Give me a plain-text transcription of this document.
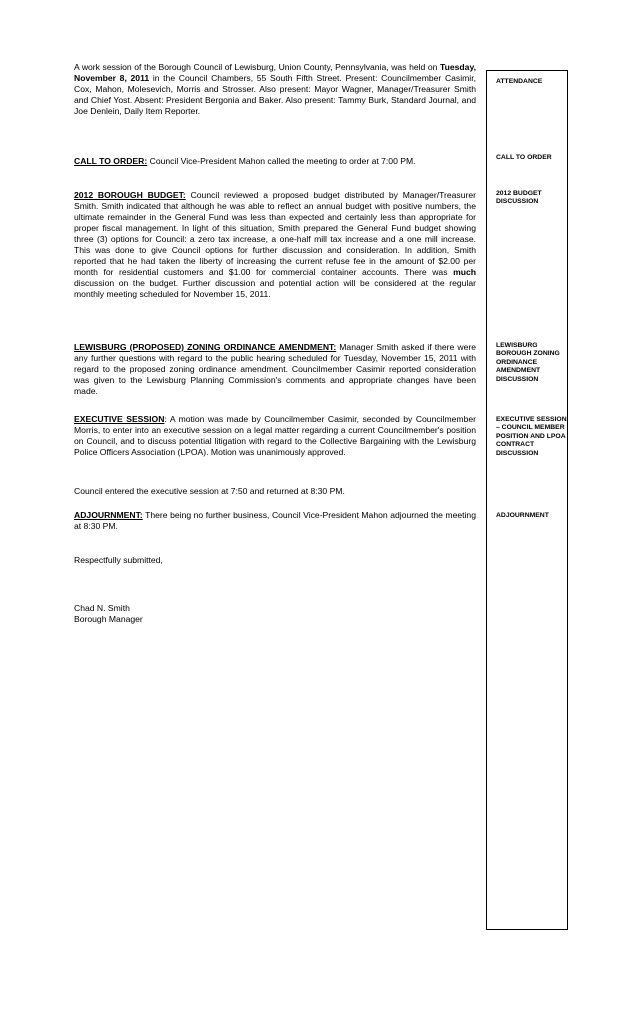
A work session of the Borough Council of Lewisburg, Union County, Pennsylvania, was held on Tuesday, November 8, 2011 in the Council Chambers, 55 South Fifth Street. Present: Councilmember Casimir, Cox, Mahon, Molesevich, Morris and Strosser. Also present: Mayor Wagner, Manager/Treasurer Smith and Chief Yost. Absent: President Bergonia and Baker. Also present: Tammy Burk, Standard Journal, and Joe Denlein, Daily Item Reporter.

CALL TO ORDER: Council Vice-President Mahon called the meeting to order at 7:00 PM.

2012 BOROUGH BUDGET: Council reviewed a proposed budget distributed by Manager/Treasurer Smith. Smith indicated that although he was able to reflect an annual budget with positive numbers, the ultimate remainder in the General Fund was less than expected and certainly less than appropriate for proper fiscal management. In light of this situation, Smith prepared the General Fund budget showing three (3) options for Council: a zero tax increase, a one-half mill tax increase and a one mill increase. This was done to give Council options for further discussion and consideration. In addition, Smith reported that he had taken the liberty of increasing the current refuse fee in the amount of $2.00 per month for residential customers and $1.00 for commercial container accounts. There was much discussion on the budget. Further discussion and potential action will be considered at the regular monthly meeting scheduled for November 15, 2011.

LEWISBURG (PROPOSED) ZONING ORDINANCE AMENDMENT: Manager Smith asked if there were any further questions with regard to the public hearing scheduled for Tuesday, November 15, 2011 with regard to the proposed zoning ordinance amendment. Councilmember Casimir reported consideration was given to the Lewisburg Planning Commission's comments and appropriate changes have been made.

EXECUTIVE SESSION: A motion was made by Councilmember Casimir, seconded by Councilmember Morris, to enter into an executive session on a legal matter regarding a current Councilmember's position on Council, and to discuss potential litigation with regard to the Collective Bargaining with the Lewisburg Police Officers Association (LPOA). Motion was unanimously approved.

Council entered the executive session at 7:50 and returned at 8:30 PM.

ADJOURNMENT: There being no further business, Council Vice-President Mahon adjourned the meeting at 8:30 PM.

Respectfully submitted,

Chad N. Smith

Borough Manager

ATTENDANCE
CALL TO ORDER
2012 BUDGET DISCUSSION
LEWISBURG BOROUGH ZONING ORDINANCE AMENDMENT DISCUSSION
EXECUTIVE SESSION – COUNCIL MEMBER POSITION AND LPOA CONTRACT DISCUSSION
ADJOURNMENT
